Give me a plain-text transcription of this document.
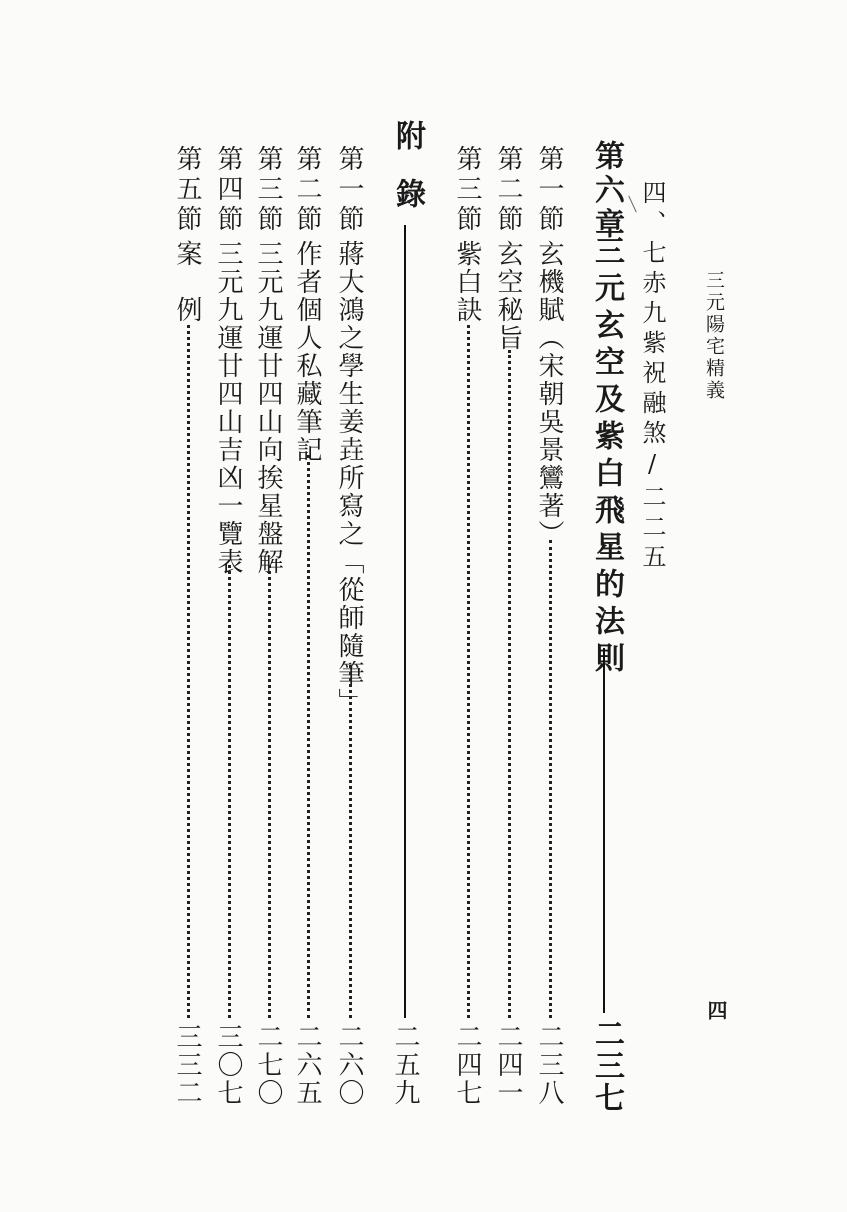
三元陽宅精義
四
四、七赤九紫祝融煞/二二五
第六章
三元玄空及紫白飛星的法則
二三七
第一節
玄機賦（宋朝吳景鸞著）
二三八
第二節
玄空秘旨
二四一
第三節
紫白訣
二四七
附錄
二五九
第一節
蔣大鴻之學生姜垚所寫之「從師隨筆」
二六〇
第二節
作者個人私藏筆記
二六五
第三節
三元九運廿四山向挨星盤解
二七〇
第四節
三元九運廿四山吉凶一覽表
三〇七
第五節
案　例
三三二
